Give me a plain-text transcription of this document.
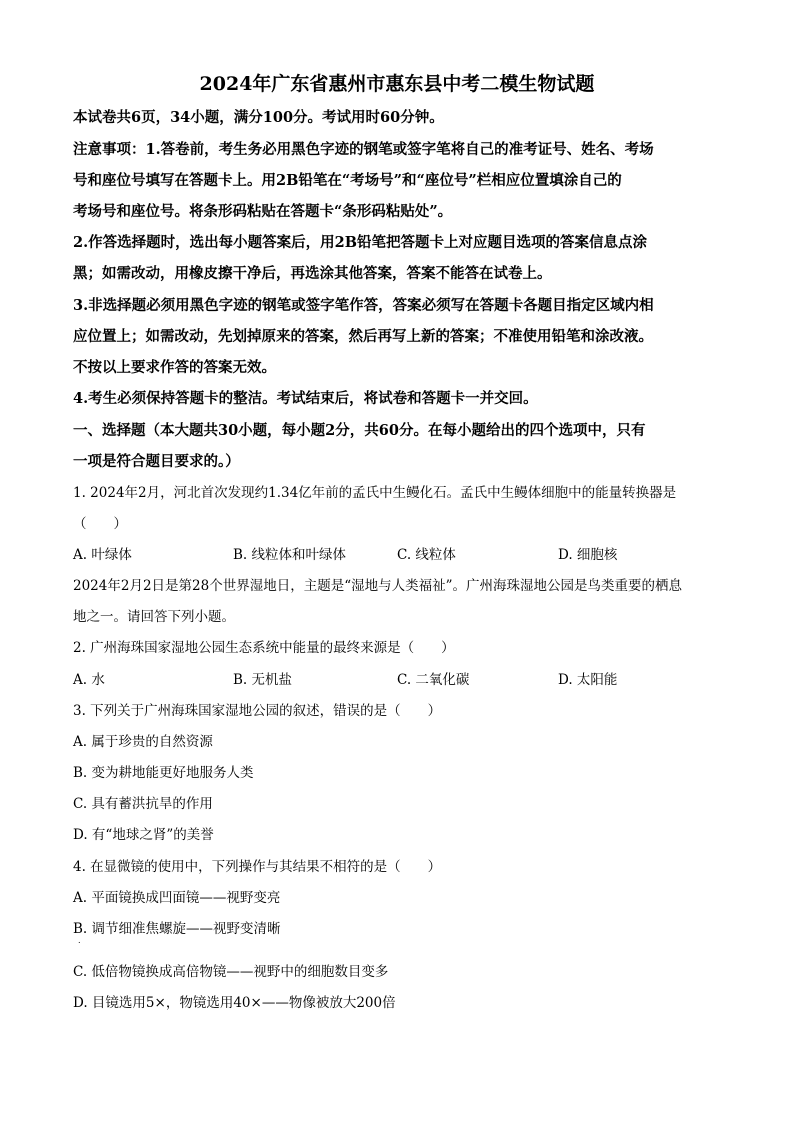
2024年广东省惠州市惠东县中考二模生物试题
本试卷共6页，34小题，满分100分。考试用时60分钟。
注意事项：1.答卷前，考生务必用黑色字迹的钢笔或签字笔将自己的准考证号、姓名、考场
号和座位号填写在答题卡上。用2B铅笔在“考场号”和“座位号”栏相应位置填涂自己的
考场号和座位号。将条形码粘贴在答题卡“条形码粘贴处”。
2.作答选择题时，选出每小题答案后，用2B铅笔把答题卡上对应题目选项的答案信息点涂
黑；如需改动，用橡皮擦干净后，再选涂其他答案，答案不能答在试卷上。
3.非选择题必须用黑色字迹的钢笔或签字笔作答，答案必须写在答题卡各题目指定区域内相
应位置上；如需改动，先划掉原来的答案，然后再写上新的答案；不准使用铅笔和涂改液。
不按以上要求作答的答案无效。
4.考生必须保持答题卡的整洁。考试结束后，将试卷和答题卡一并交回。
一、选择题（本大题共30小题，每小题2分，共60分。在每小题给出的四个选项中，只有
一项是符合题目要求的。）
1. 2024年2月，河北首次发现约1.34亿年前的孟氏中生鳗化石。孟氏中生鳗体细胞中的能量转换器是
（　　）
A. 叶绿体	B. 线粒体和叶绿体	C. 线粒体	D. 细胞核
2024年2月2日是第28个世界湿地日，主题是“湿地与人类福祉”。广州海珠湿地公园是鸟类重要的栖息
地之一。请回答下列小题。
2. 广州海珠国家湿地公园生态系统中能量的最终来源是（　　）
A. 水	B. 无机盐	C. 二氧化碳	D. 太阳能
3. 下列关于广州海珠国家湿地公园的叙述，错误的是（　　）
A. 属于珍贵的自然资源
B. 变为耕地能更好地服务人类
C. 具有蓄洪抗旱的作用
D. 有“地球之肾”的美誉
4. 在显微镜的使用中，下列操作与其结果不相符的是（　　）
A. 平面镜换成凹面镜——视野变亮
B. 调节细准焦螺旋——视野变清晰
.
C. 低倍物镜换成高倍物镜——视野中的细胞数目变多
D. 目镜选用5×，物镜选用40×——物像被放大200倍
